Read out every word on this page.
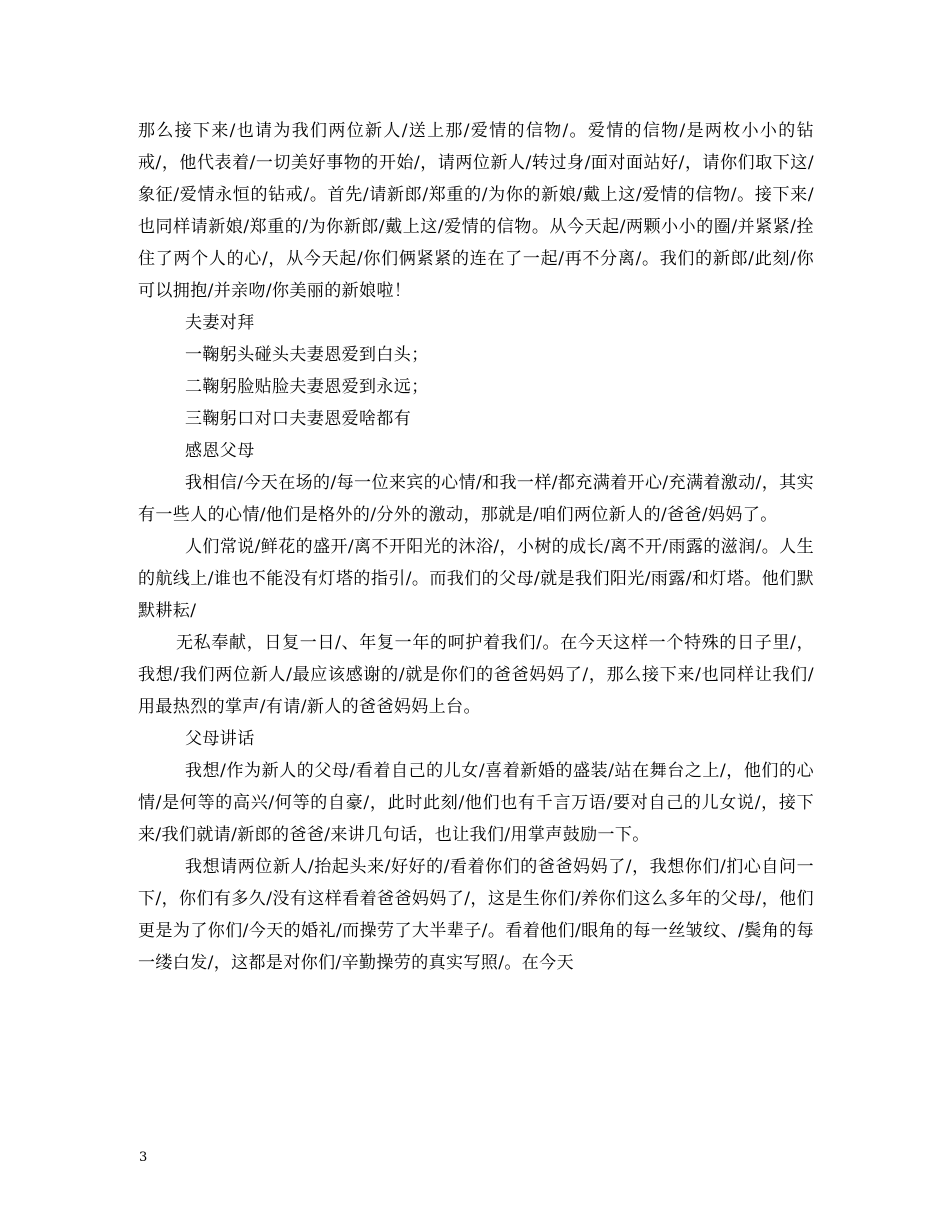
那么接下来/也请为我们两位新人/送上那/爱情的信物/。爱情的信物/是两枚小小的钻戒/，他代表着/一切美好事物的开始/，请两位新人/转过身/面对面站好/，请你们取下这/象征/爱情永恒的钻戒/。首先/请新郎/郑重的/为你的新娘/戴上这/爱情的信物/。接下来/也同样请新娘/郑重的/为你新郎/戴上这/爱情的信物。从今天起/两颗小小的圈/并紧紧/拴住了两个人的心/，从今天起/你们俩紧紧的连在了一起/再不分离/。我们的新郎/此刻/你可以拥抱/并亲吻/你美丽的新娘啦！

夫妻对拜

一鞠躬头碰头夫妻恩爱到白头；

二鞠躬脸贴脸夫妻恩爱到永远；

三鞠躬口对口夫妻恩爱啥都有

感恩父母

我相信/今天在场的/每一位来宾的心情/和我一样/都充满着开心/充满着激动/，其实有一些人的心情/他们是格外的/分外的激动，那就是/咱们两位新人的/爸爸/妈妈了。

人们常说/鲜花的盛开/离不开阳光的沐浴/，小树的成长/离不开/雨露的滋润/。人生的航线上/谁也不能没有灯塔的指引/。而我们的父母/就是我们阳光/雨露/和灯塔。他们默默耕耘/

无私奉献，日复一日/、年复一年的呵护着我们/。在今天这样一个特殊的日子里/，我想/我们两位新人/最应该感谢的/就是你们的爸爸妈妈了/，那么接下来/也同样让我们/用最热烈的掌声/有请/新人的爸爸妈妈上台。

父母讲话

我想/作为新人的父母/看着自己的儿女/喜着新婚的盛装/站在舞台之上/，他们的心情/是何等的高兴/何等的自豪/，此时此刻/他们也有千言万语/要对自己的儿女说/，接下来/我们就请/新郎的爸爸/来讲几句话，也让我们/用掌声鼓励一下。

我想请两位新人/抬起头来/好好的/看着你们的爸爸妈妈了/，我想你们/扪心自问一下/，你们有多久/没有这样看着爸爸妈妈了/，这是生你们/养你们这么多年的父母/，他们更是为了你们/今天的婚礼/而操劳了大半辈子/。看着他们/眼角的每一丝皱纹、/鬓角的每一缕白发/，这都是对你们/辛勤操劳的真实写照/。在今天

3
